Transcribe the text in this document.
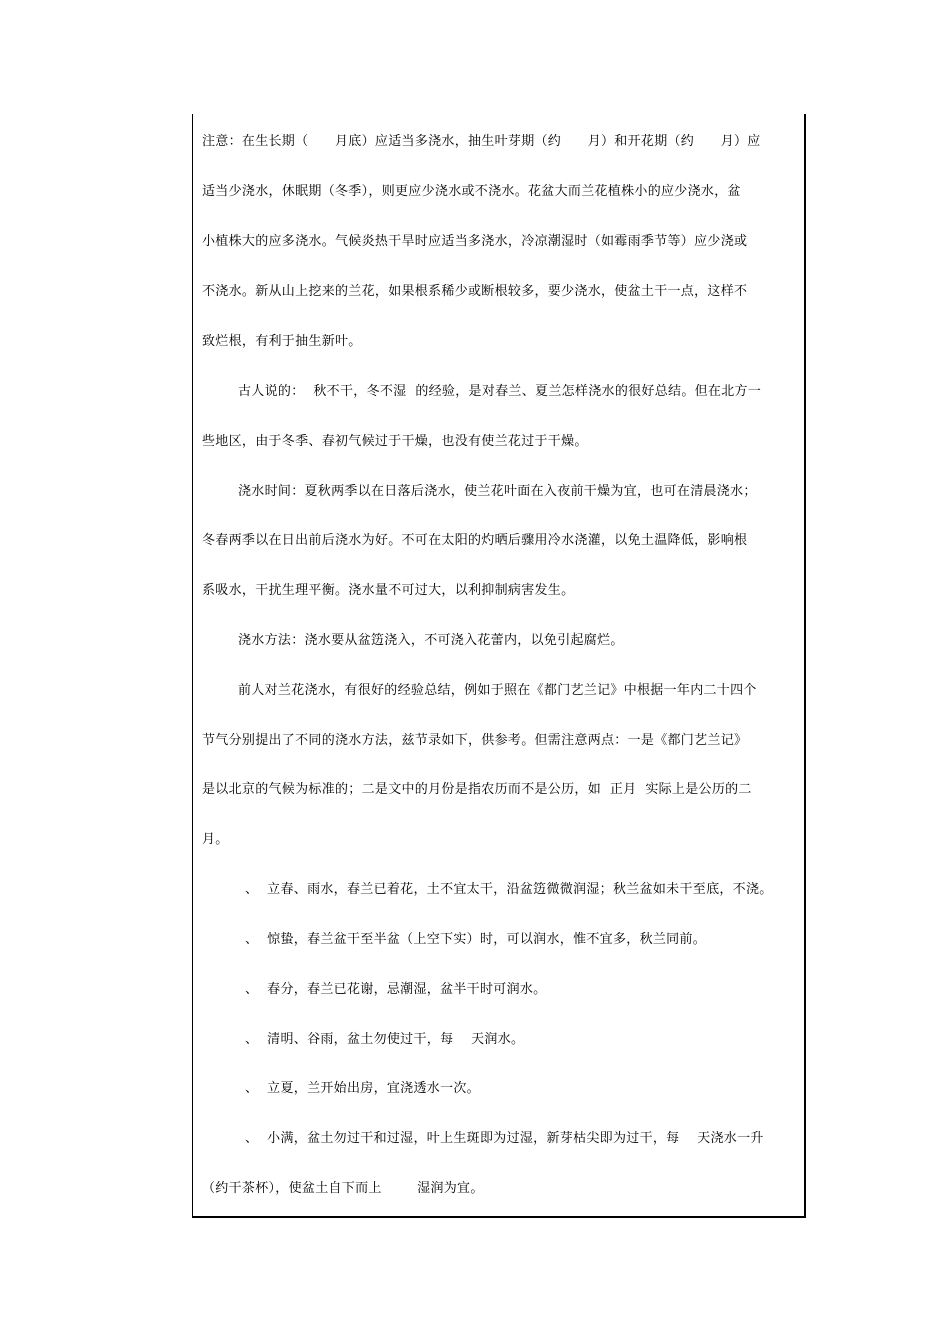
注意：在生长期（　　月底）应适当多浇水，抽生叶芽期（约　　月）和开花期（约　　月）应
适当少浇水，休眠期（冬季），则更应少浇水或不浇水。花盆大而兰花植株小的应少浇水，盆
小植株大的应多浇水。气候炎热干旱时应适当多浇水，冷凉潮湿时（如霉雨季节等）应少浇或
不浇水。新从山上挖来的兰花，如果根系稀少或断根较多，要少浇水，使盆土干一点，这样不
致烂根，有利于抽生新叶。
古人说的：  秋不干，冬不湿  的经验，是对春兰、夏兰怎样浇水的很好总结。但在北方一
些地区，由于冬季、春初气候过于干燥，也没有使兰花过于干燥。
浇水时间：夏秋两季以在日落后浇水，使兰花叶面在入夜前干燥为宜，也可在清晨浇水；
冬春两季以在日出前后浇水为好。不可在太阳的灼晒后骤用冷水浇灌，以免土温降低，影响根
系吸水，干扰生理平衡。浇水量不可过大，以利抑制病害发生。
浇水方法：浇水要从盆笾浇入，不可浇入花蕾内，以免引起腐烂。
前人对兰花浇水，有很好的经验总结，例如于照在《都门艺兰记》中根据一年内二十四个
节气分别提出了不同的浇水方法，兹节录如下，供参考。但需注意两点：一是《都门艺兰记》
是以北京的气候为标准的；二是文中的月份是指农历而不是公历，如  正月  实际上是公历的二
月。
、  立春、雨水，春兰已着花，土不宜太干，沿盆笾微微润湿；秋兰盆如未干至底，不浇。
、  惊蛰，春兰盆干至半盆（上空下实）时，可以润水，惟不宜多，秋兰同前。
、  春分，春兰已花谢，忌潮湿，盆半干时可润水。
、  清明、谷雨，盆土勿使过干，每    天润水。
、  立夏，兰开始出房，宜浇透水一次。
、  小满，盆土勿过干和过湿，叶上生斑即为过湿，新芽枯尖即为过干，每    天浇水一升
（约干茶杯），使盆土自下而上        湿润为宜。
